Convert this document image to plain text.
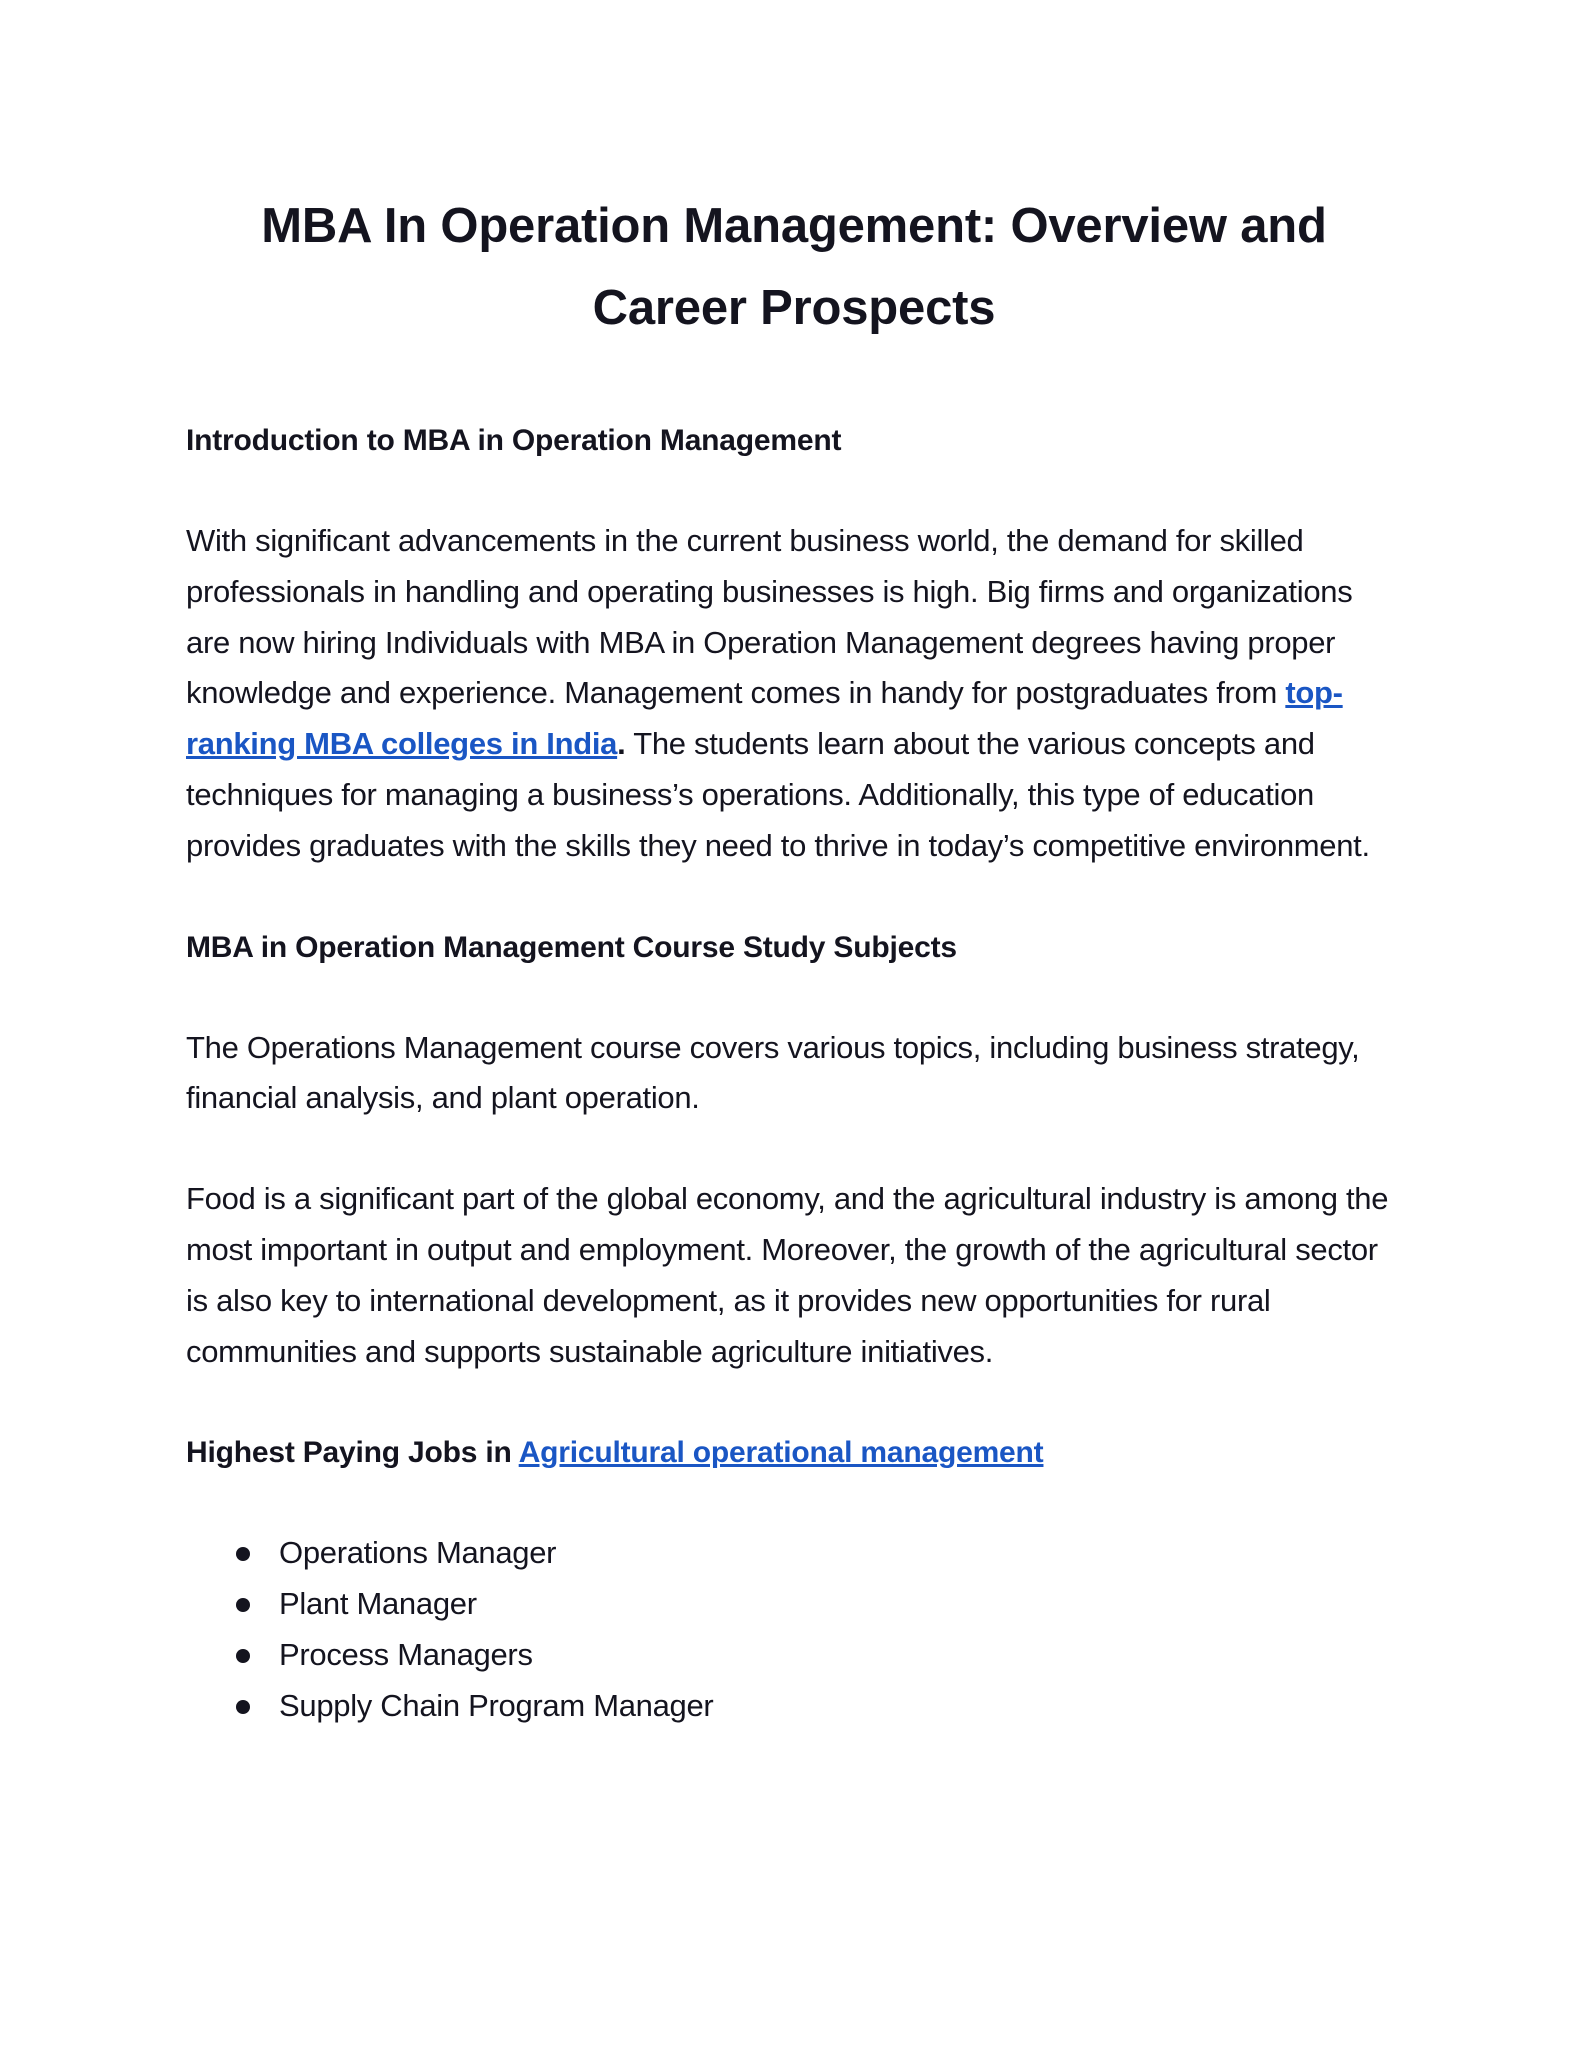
MBA In Operation Management: Overview and Career Prospects
Introduction to MBA in Operation Management

With significant advancements in the current business world, the demand for skilled professionals in handling and operating businesses is high. Big firms and organizations are now hiring Individuals with MBA in Operation Management degrees having proper knowledge and experience. Management comes in handy for postgraduates from top-ranking MBA colleges in India. The students learn about the various concepts and techniques for managing a business’s operations. Additionally, this type of education provides graduates with the skills they need to thrive in today’s competitive environment.

MBA in Operation Management Course Study Subjects

The Operations Management course covers various topics, including business strategy, financial analysis, and plant operation.

Food is a significant part of the global economy, and the agricultural industry is among the most important in output and employment. Moreover, the growth of the agricultural sector is also key to international development, as it provides new opportunities for rural communities and supports sustainable agriculture initiatives.

Highest Paying Jobs in Agricultural operational management
Operations Manager
Plant Manager
Process Managers
Supply Chain Program Manager
